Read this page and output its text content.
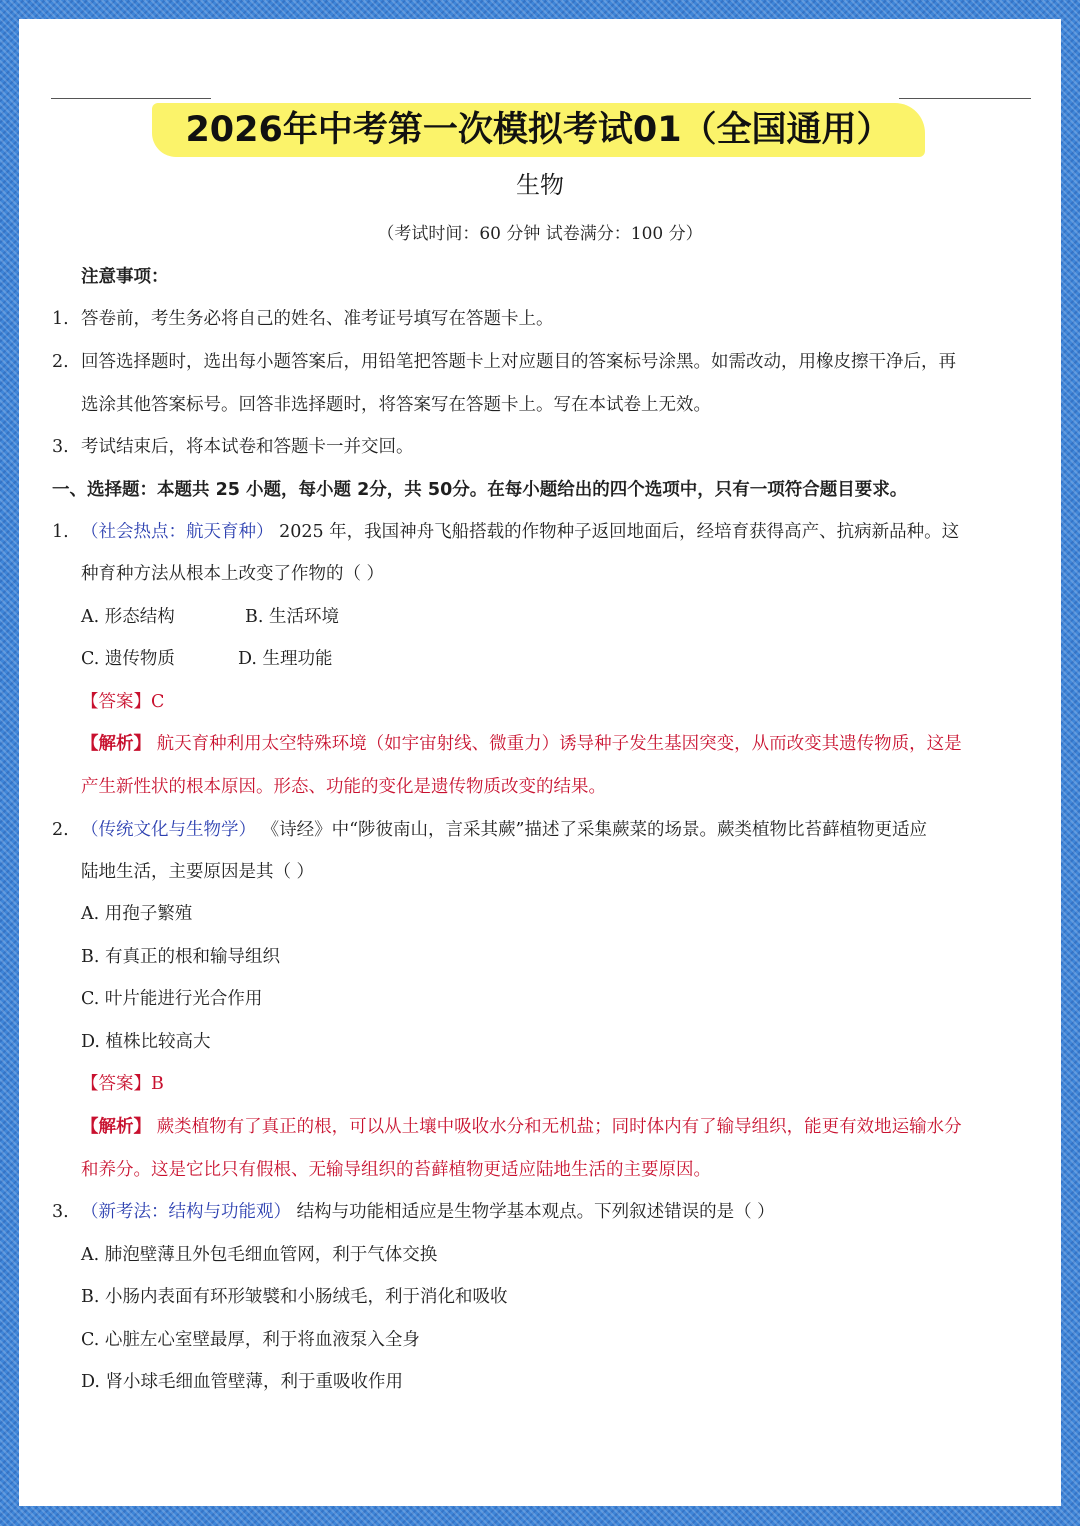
2026年中考第一次模拟考试01（全国通用）
生物
（考试时间：60 分钟 试卷满分：100 分）
注意事项：
1. 答卷前，考生务必将自己的姓名、准考证号填写在答题卡上。
2. 回答选择题时，选出每小题答案后，用铅笔把答题卡上对应题目的答案标号涂黑。如需改动，用橡皮擦干净后，再
选涂其他答案标号。回答非选择题时，将答案写在答题卡上。写在本试卷上无效。
3. 考试结束后，将本试卷和答题卡一并交回。
一、选择题：本题共 25 小题，每小题 2分，共 50分。在每小题给出的四个选项中，只有一项符合题目要求。
1. （社会热点：航天育种） 2025 年，我国神舟飞船搭载的作物种子返回地面后，经培育获得高产、抗病新品种。这
种育种方法从根本上改变了作物的（ ）
A. 形态结构	B. 生活环境
C. 遗传物质	D. 生理功能
【答案】C
【解析】 航天育种利用太空特殊环境（如宇宙射线、微重力）诱导种子发生基因突变，从而改变其遗传物质，这是
产生新性状的根本原因。形态、功能的变化是遗传物质改变的结果。
2. （传统文化与生物学） 《诗经》中“陟彼南山，言采其蕨”描述了采集蕨菜的场景。蕨类植物比苔藓植物更适应
陆地生活，主要原因是其（ ）
A. 用孢子繁殖
B. 有真正的根和输导组织
C. 叶片能进行光合作用
D. 植株比较高大
【答案】B
【解析】 蕨类植物有了真正的根，可以从土壤中吸收水分和无机盐；同时体内有了输导组织，能更有效地运输水分
和养分。这是它比只有假根、无输导组织的苔藓植物更适应陆地生活的主要原因。
3. （新考法：结构与功能观） 结构与功能相适应是生物学基本观点。下列叙述错误的是（ ）
A. 肺泡壁薄且外包毛细血管网，利于气体交换
B. 小肠内表面有环形皱襞和小肠绒毛，利于消化和吸收
C. 心脏左心室壁最厚，利于将血液泵入全身
D. 肾小球毛细血管壁薄，利于重吸收作用
